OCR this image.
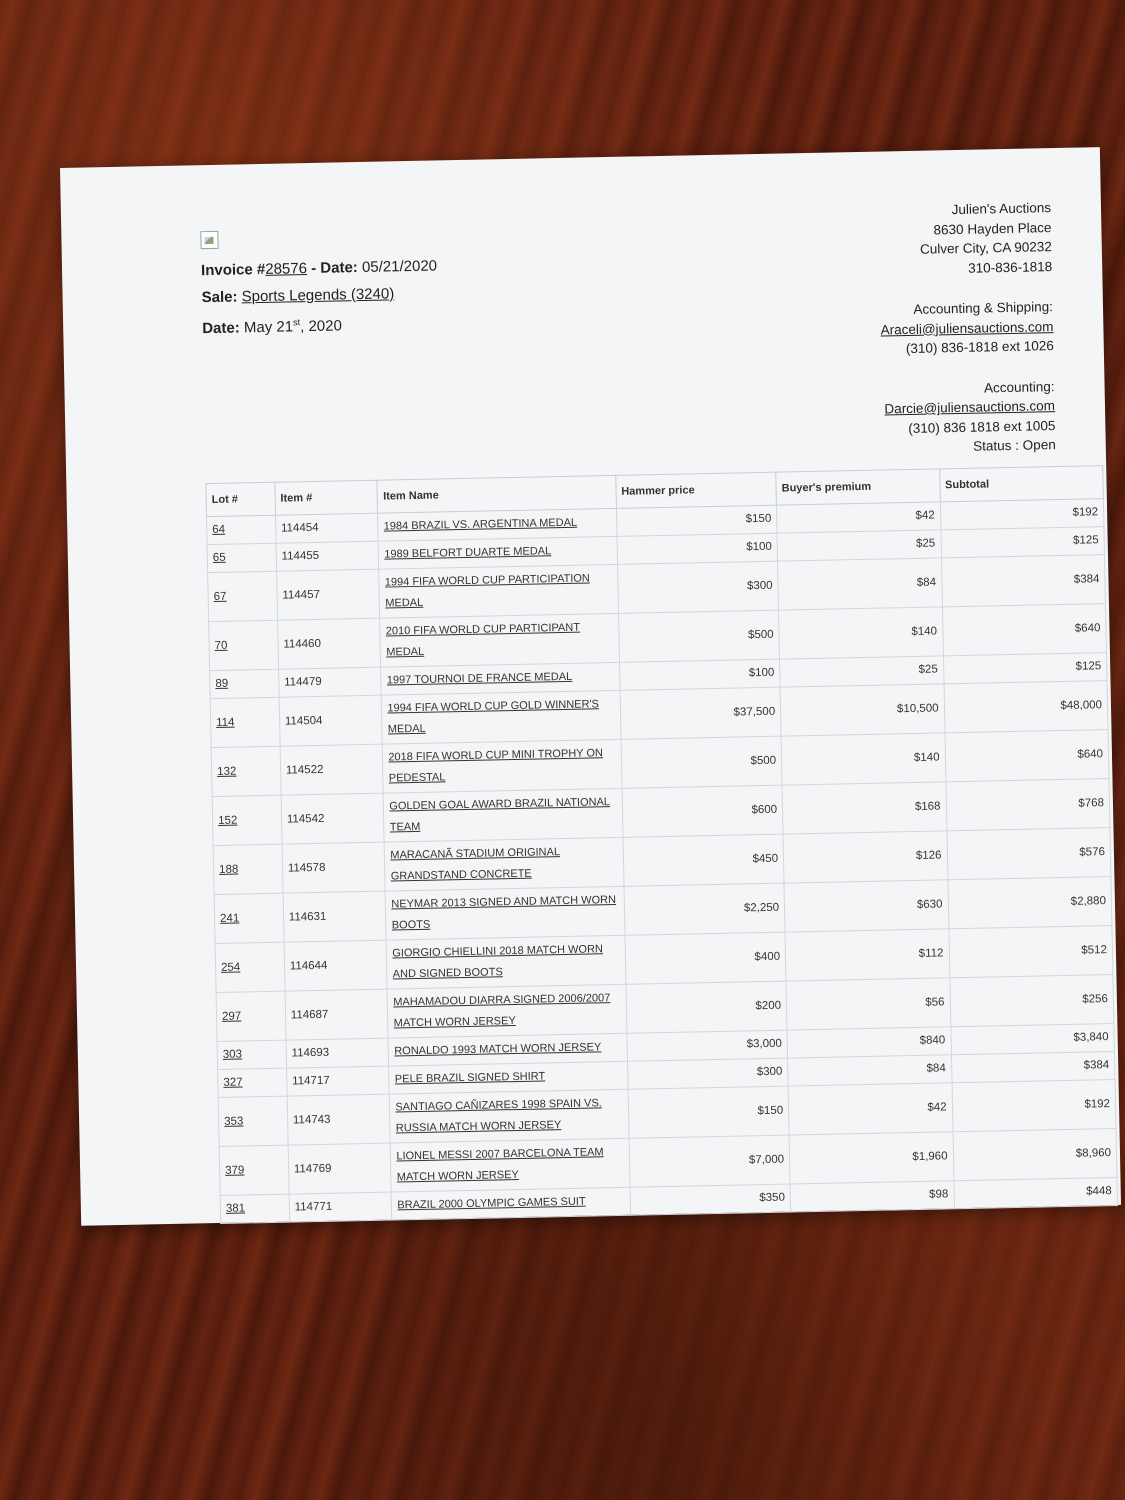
Invoice #28576 - Date: 05/21/2020
Sale: Sports Legends (3240)
Date: May 21st, 2020
Julien's Auctions
8630 Hayden Place
Culver City, CA 90232
310-836-1818
Accounting & Shipping:
Araceli@juliensauctions.com
(310) 836-1818 ext 1026
Accounting:
Darcie@juliensauctions.com
(310) 836 1818 ext 1005
Status : Open
Lot #	Item #	Item Name	Hammer price	Buyer's premium	Subtotal
64	114454	1984 BRAZIL VS. ARGENTINA MEDAL	$150	$42	$192
65	114455	1989 BELFORT DUARTE MEDAL	$100	$25	$125
67	114457	1994 FIFA WORLD CUP PARTICIPATION MEDAL	$300	$84	$384
70	114460	2010 FIFA WORLD CUP PARTICIPANT MEDAL	$500	$140	$640
89	114479	1997 TOURNOI DE FRANCE MEDAL	$100	$25	$125
114	114504	1994 FIFA WORLD CUP GOLD WINNER'S MEDAL	$37,500	$10,500	$48,000
132	114522	2018 FIFA WORLD CUP MINI TROPHY ON PEDESTAL	$500	$140	$640
152	114542	GOLDEN GOAL AWARD BRAZIL NATIONAL TEAM	$600	$168	$768
188	114578	MARACANÃ STADIUM ORIGINAL GRANDSTAND CONCRETE	$450	$126	$576
241	114631	NEYMAR 2013 SIGNED AND MATCH WORN BOOTS	$2,250	$630	$2,880
254	114644	GIORGIO CHIELLINI 2018 MATCH WORN AND SIGNED BOOTS	$400	$112	$512
297	114687	MAHAMADOU DIARRA SIGNED 2006/2007 MATCH WORN JERSEY	$200	$56	$256
303	114693	RONALDO 1993 MATCH WORN JERSEY	$3,000	$840	$3,840
327	114717	PELE BRAZIL SIGNED SHIRT	$300	$84	$384
353	114743	SANTIAGO CAÑIZARES 1998 SPAIN VS. RUSSIA MATCH WORN JERSEY	$150	$42	$192
379	114769	LIONEL MESSI 2007 BARCELONA TEAM MATCH WORN JERSEY	$7,000	$1,960	$8,960
381	114771	BRAZIL 2000 OLYMPIC GAMES SUIT	$350	$98	$448
